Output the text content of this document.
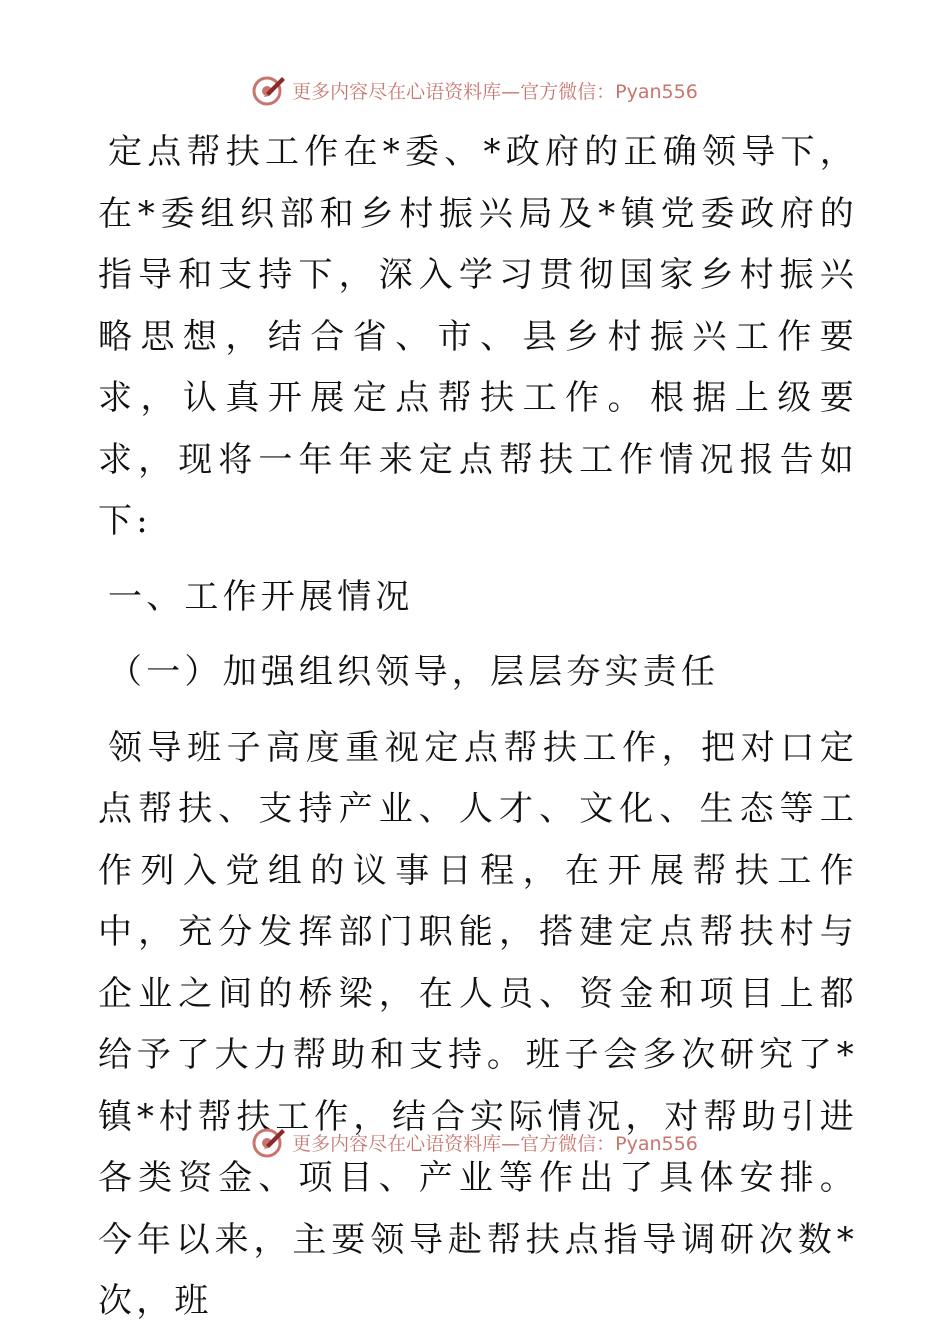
更多内容尽在心语资料库—官方微信：Pyan556

定点帮扶工作在*委、*政府的正确领导下，在*委组织部和乡村振兴局及*镇党委政府的指导和支持下，深入学习贯彻国家乡村振兴略思想，结合省、市、县乡村振兴工作要求，认真开展定点帮扶工作。根据上级要求，现将一年年来定点帮扶工作情况报告如下:

一、工作开展情况

（一）加强组织领导，层层夯实责任

领导班子高度重视定点帮扶工作，把对口定点帮扶、支持产业、人才、文化、生态等工作列入党组的议事日程，在开展帮扶工作中，充分发挥部门职能，搭建定点帮扶村与企业之间的桥梁，在人员、资金和项目上都给予了大力帮助和支持。班子会多次研究了*镇*村帮扶工作，结合实际情况，对帮助引进各类资金、项目、产业等作出了具体安排。今年以来，主要领导赴帮扶点指导调研次数*次，班

更多内容尽在心语资料库—官方微信：Pyan556
